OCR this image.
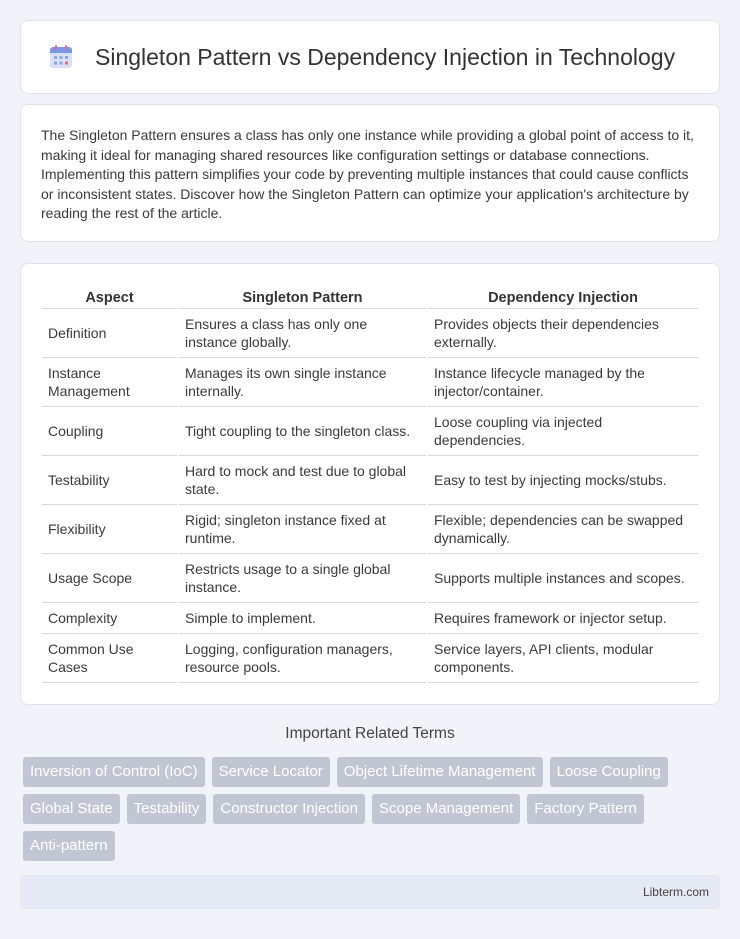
Singleton Pattern vs Dependency Injection in Technology

The Singleton Pattern ensures a class has only one instance while providing a global point of access to it, making it ideal for managing shared resources like configuration settings or database connections. Implementing this pattern simplifies your code by preventing multiple instances that could cause conflicts or inconsistent states. Discover how the Singleton Pattern can optimize your application's architecture by reading the rest of the article.

Aspect	Singleton Pattern	Dependency Injection
Definition	Ensures a class has only one instance globally.	Provides objects their dependencies externally.
Instance Management	Manages its own single instance internally.	Instance lifecycle managed by the injector/container.
Coupling	Tight coupling to the singleton class.	Loose coupling via injected dependencies.
Testability	Hard to mock and test due to global state.	Easy to test by injecting mocks/stubs.
Flexibility	Rigid; singleton instance fixed at runtime.	Flexible; dependencies can be swapped dynamically.
Usage Scope	Restricts usage to a single global instance.	Supports multiple instances and scopes.
Complexity	Simple to implement.	Requires framework or injector setup.
Common Use Cases	Logging, configuration managers, resource pools.	Service layers, API clients, modular components.
Important Related Terms
Inversion of Control (IoC)	Service Locator	Object Lifetime Management	Loose Coupling
Global State	Testability	Constructor Injection	Scope Management	Factory Pattern
Anti-pattern
Libterm.com
